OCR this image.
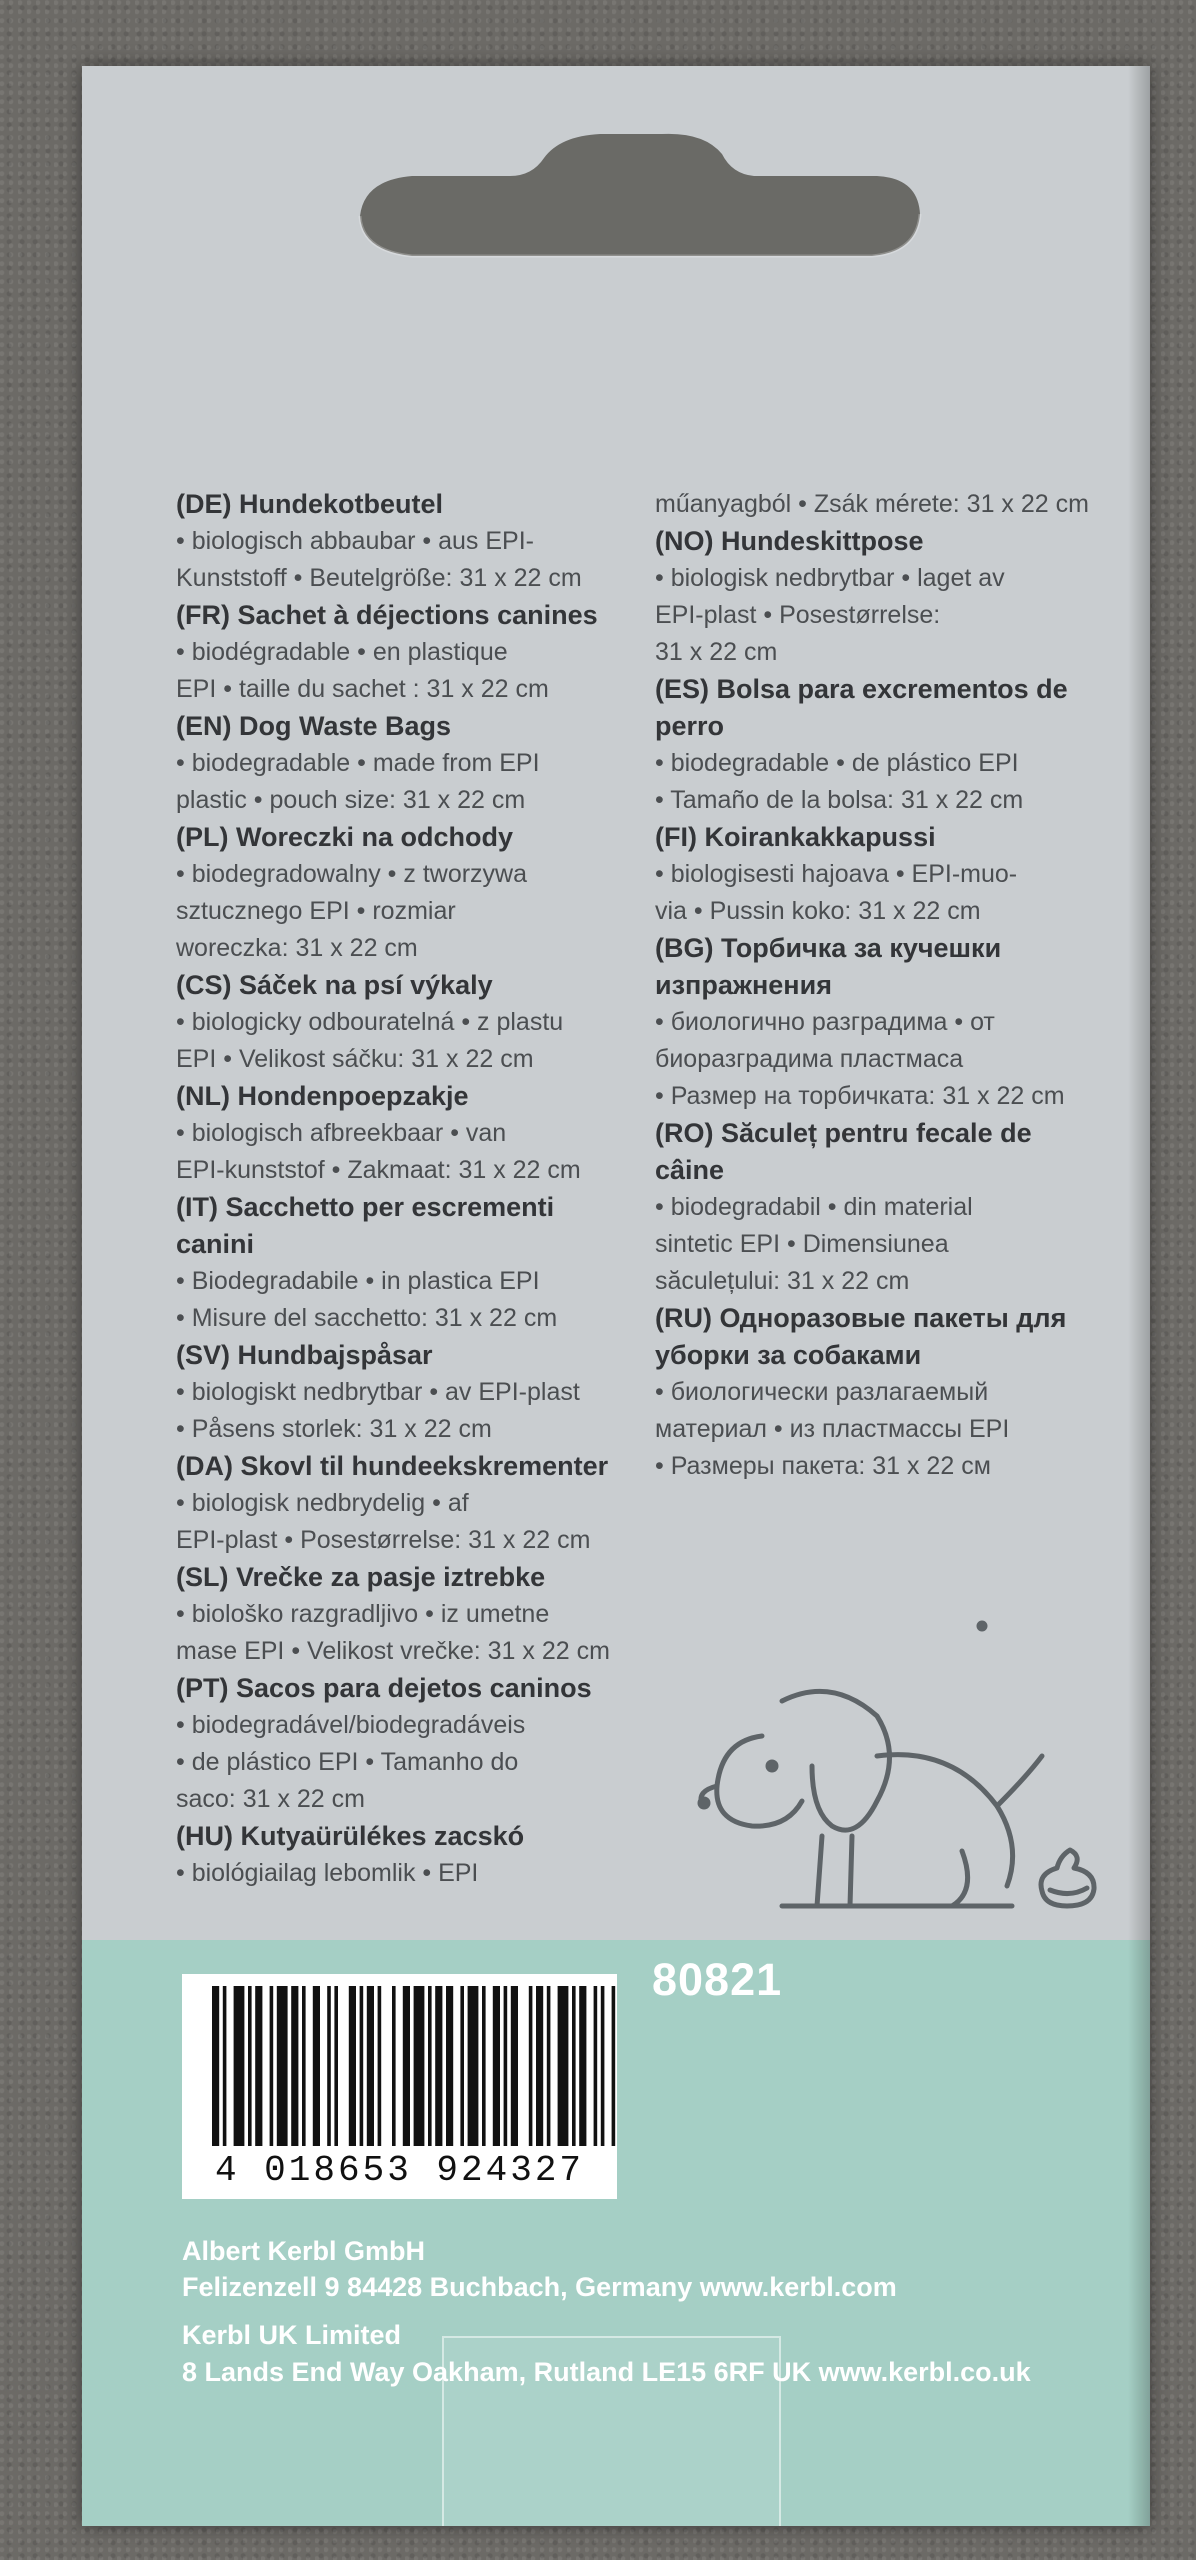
(DE) Hundekotbeutel
• biologisch abbaubar • aus EPI-
Kunststoff • Beutelgröße: 31 x 22 cm
(FR) Sachet à déjections canines
• biodégradable • en plastique
EPI • taille du sachet : 31 x 22 cm
(EN) Dog Waste Bags
• biodegradable • made from EPI
plastic • pouch size: 31 x 22 cm
(PL) Woreczki na odchody
• biodegradowalny • z tworzywa
sztucznego EPI • rozmiar
woreczka: 31 x 22 cm
(CS) Sáček na psí výkaly
• biologicky odbouratelná • z plastu
EPI • Velikost sáčku: 31 x 22 cm
(NL) Hondenpoepzakje
• biologisch afbreekbaar • van
EPI-kunststof • Zakmaat: 31 x 22 cm
(IT) Sacchetto per escrementi
canini
• Biodegradabile • in plastica EPI
• Misure del sacchetto: 31 x 22 cm
(SV) Hundbajspåsar
• biologiskt nedbrytbar • av EPI-plast
• Påsens storlek: 31 x 22 cm
(DA) Skovl til hundeekskrementer
• biologisk nedbrydelig • af
EPI-plast • Posestørrelse: 31 x 22 cm
(SL) Vrečke za pasje iztrebke
• biološko razgradljivo • iz umetne
mase EPI • Velikost vrečke: 31 x 22 cm
(PT) Sacos para dejetos caninos
• biodegradável/biodegradáveis
• de plástico EPI • Tamanho do
saco: 31 x 22 cm
(HU) Kutyaürülékes zacskó
• biológiailag lebomlik • EPI
műanyagból • Zsák mérete: 31 x 22 cm
(NO) Hundeskittpose
• biologisk nedbrytbar • laget av
EPI-plast • Posestørrelse:
31 x 22 cm
(ES) Bolsa para excrementos de
perro
• biodegradable • de plástico EPI
• Tamaño de la bolsa: 31 x 22 cm
(FI) Koirankakkapussi
• biologisesti hajoava • EPI-muo-
via • Pussin koko: 31 x 22 cm
(BG) Торбичка за кучешки
изпражнения
• биологично разградима • от
биоразградима пластмаса
• Размер на торбичката: 31 x 22 cm
(RO) Săculeț pentru fecale de
câine
• biodegradabil • din material
sintetic EPI • Dimensiunea
săculețului: 31 x 22 cm
(RU) Одноразовые пакеты для
уборки за собаками
• биологически разлагаемый
материал • из пластмассы EPI
• Размеры пакета: 31 x 22 см
4 018653 924327
80821
Albert Kerbl GmbH
Felizenzell 9 84428 Buchbach, Germany www.kerbl.com
Kerbl UK Limited
8 Lands End Way Oakham, Rutland LE15 6RF UK www.kerbl.co.uk
